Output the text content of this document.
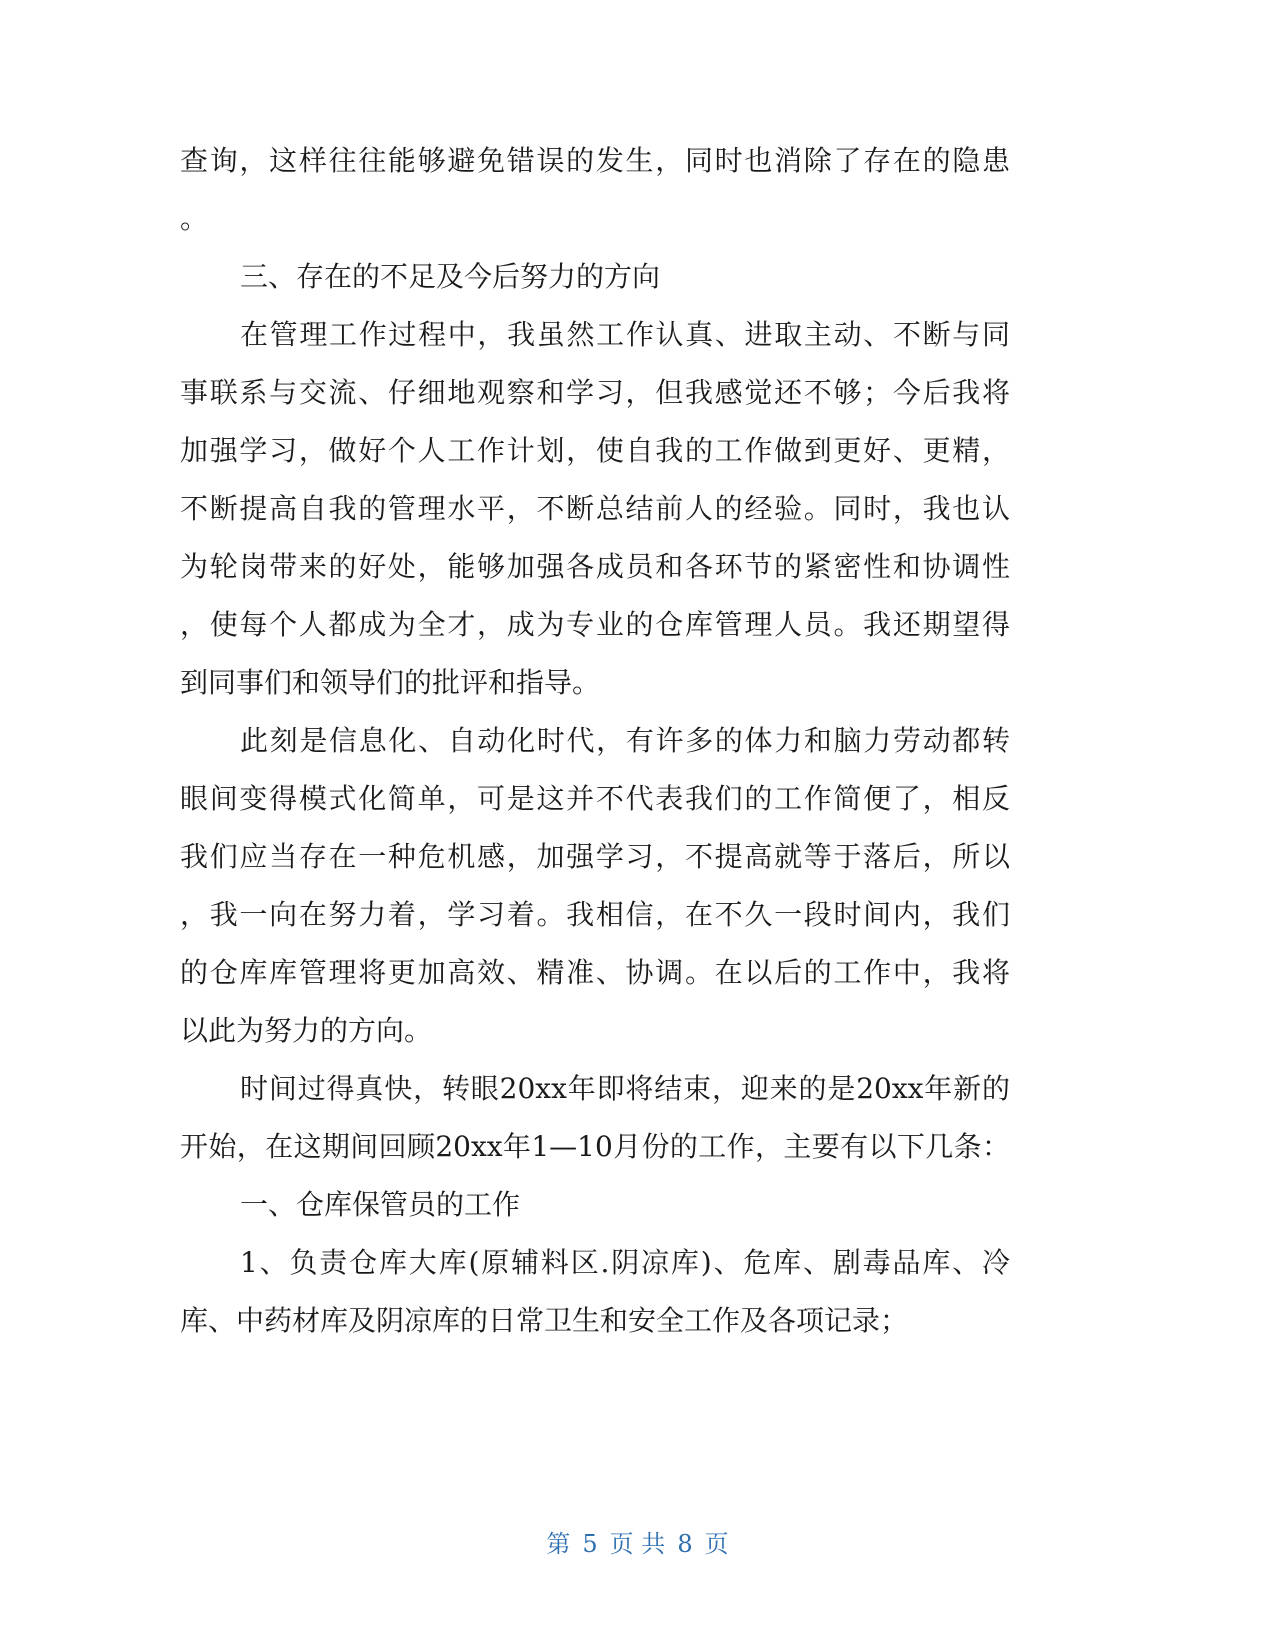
查询，这样往往能够避免错误的发生，同时也消除了存在的隐患
。
三、存在的不足及今后努力的方向
在管理工作过程中，我虽然工作认真、进取主动、不断与同
事联系与交流、仔细地观察和学习，但我感觉还不够；今后我将
加强学习，做好个人工作计划，使自我的工作做到更好、更精，
不断提高自我的管理水平，不断总结前人的经验。同时，我也认
为轮岗带来的好处，能够加强各成员和各环节的紧密性和协调性
，使每个人都成为全才，成为专业的仓库管理人员。我还期望得
到同事们和领导们的批评和指导。
此刻是信息化、自动化时代，有许多的体力和脑力劳动都转
眼间变得模式化简单，可是这并不代表我们的工作简便了，相反
我们应当存在一种危机感，加强学习，不提高就等于落后，所以
，我一向在努力着，学习着。我相信，在不久一段时间内，我们
的仓库库管理将更加高效、精准、协调。在以后的工作中，我将
以此为努力的方向。
时间过得真快，转眼20xx年即将结束，迎来的是20xx年新的
开始，在这期间回顾20xx年1—10月份的工作，主要有以下几条：
一、仓库保管员的工作
1、负责仓库大库(原辅料区.阴凉库)、危库、剧毒品库、冷
库、中药材库及阴凉库的日常卫生和安全工作及各项记录；
第 5 页 共 8 页
